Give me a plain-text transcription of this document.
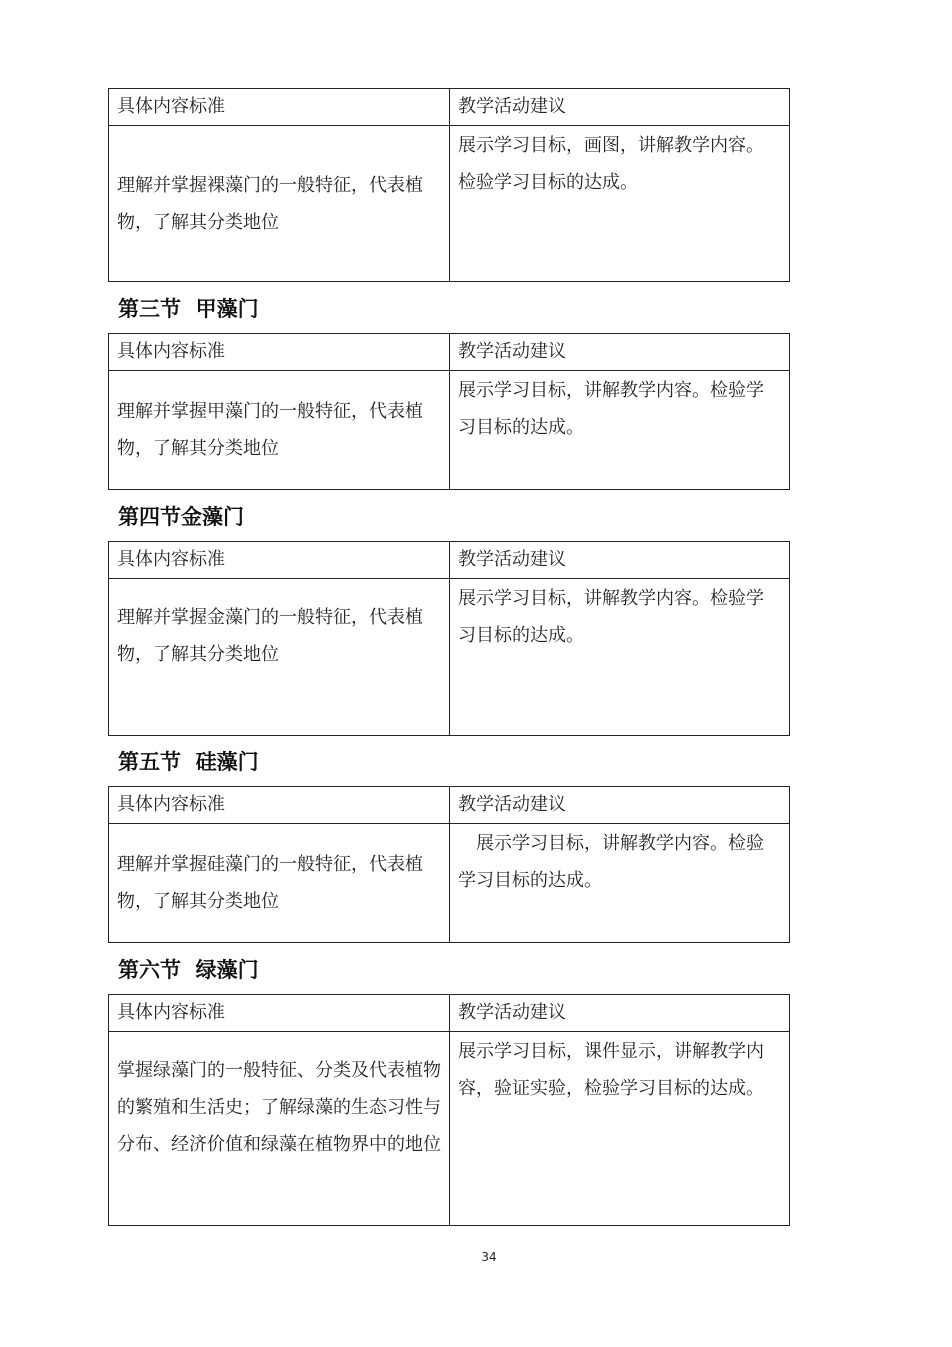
具体内容标准	教学活动建议
理解并掌握裸藻门的一般特征，代表植物，了解其分类地位	展示学习目标，画图，讲解教学内容。检验学习目标的达成。
第三节  甲藻门
具体内容标准	教学活动建议
理解并掌握甲藻门的一般特征，代表植物，了解其分类地位	展示学习目标，讲解教学内容。检验学习目标的达成。
第四节金藻门
具体内容标准	教学活动建议
理解并掌握金藻门的一般特征，代表植物，了解其分类地位	展示学习目标，讲解教学内容。检验学习目标的达成。
第五节  硅藻门
具体内容标准	教学活动建议
理解并掌握硅藻门的一般特征，代表植物，了解其分类地位	展示学习目标，讲解教学内容。检验学习目标的达成。
第六节  绿藻门
具体内容标准	教学活动建议
掌握绿藻门的一般特征、分类及代表植物的繁殖和生活史；了解绿藻的生态习性与分布、经济价值和绿藻在植物界中的地位	展示学习目标，课件显示，讲解教学内容，验证实验，检验学习目标的达成。
34
